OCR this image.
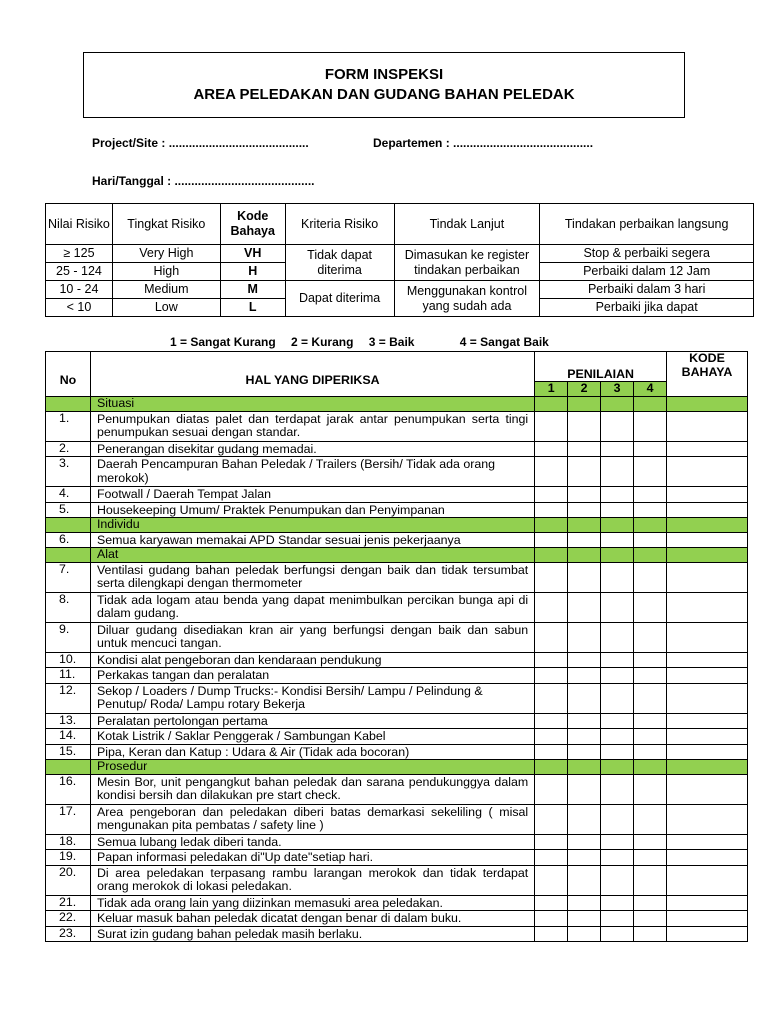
FORM INSPEKSI
AREA PELEDAKAN DAN GUDANG BAHAN PELEDAK
Project/Site : ..........................................	Departemen : ..........................................
Hari/Tanggal : ..........................................
Nilai Risiko	Tingkat Risiko	Kode Bahaya	Kriteria Risiko	Tindak Lanjut	Tindakan perbaikan langsung
≥ 125	Very High	VH	Tidak dapat diterima	Dimasukan ke register tindakan perbaikan	Stop & perbaiki segera
25 - 124	High	H			Perbaiki dalam 12 Jam
10 - 24	Medium	M	Dapat diterima	Menggunakan kontrol yang sudah ada	Perbaiki dalam 3 hari
< 10	Low	L			Perbaiki jika dapat
1 = Sangat Kurang 2 = Kurang 3 = Baik	4 = Sangat Baik
No	HAL YANG DIPERIKSA	PENILAIAN				KODE BAHAYA
		1	2	3	4	
	Situasi					
1.	Penumpukan diatas palet dan terdapat jarak antar penumpukan serta tingi penumpukan sesuai dengan standar.					
2.	Penerangan disekitar gudang memadai.					
3.	Daerah Pencampuran Bahan Peledak / Trailers (Bersih/ Tidak ada orang merokok)					
4.	Footwall / Daerah Tempat Jalan					
5.	Housekeeping Umum/ Praktek Penumpukan dan Penyimpanan					
	Individu					
6.	Semua karyawan memakai APD Standar sesuai jenis pekerjaanya					
	Alat					
7.	Ventilasi gudang bahan peledak berfungsi dengan baik dan tidak tersumbat serta dilengkapi dengan thermometer					
8.	Tidak ada logam atau benda yang dapat menimbulkan percikan bunga api di dalam gudang.					
9.	Diluar gudang disediakan kran air yang berfungsi dengan baik dan sabun untuk mencuci tangan.					
10.	Kondisi alat pengeboran dan kendaraan pendukung					
11.	Perkakas tangan dan peralatan					
12.	Sekop / Loaders / Dump Trucks:- Kondisi Bersih/ Lampu / Pelindung & Penutup/ Roda/ Lampu rotary Bekerja					
13.	Peralatan pertolongan pertama					
14.	Kotak Listrik / Saklar Penggerak / Sambungan Kabel					
15.	Pipa, Keran dan Katup : Udara & Air (Tidak ada bocoran)					
	Prosedur					
16.	Mesin Bor, unit pengangkut bahan peledak dan sarana pendukunggya dalam kondisi bersih dan dilakukan pre start check.					
17.	Area pengeboran dan peledakan diberi batas demarkasi sekeliling ( misal mengunakan pita pembatas / safety line )					
18.	Semua lubang ledak diberi tanda.					
19.	Papan informasi peledakan di"Up date"setiap hari.					
20.	Di area peledakan terpasang rambu larangan merokok dan tidak terdapat orang merokok di lokasi peledakan.					
21.	Tidak ada orang lain yang diizinkan memasuki area peledakan.					
22.	Keluar masuk bahan peledak dicatat dengan benar di dalam buku.					
23.	Surat izin gudang bahan peledak masih berlaku.					
